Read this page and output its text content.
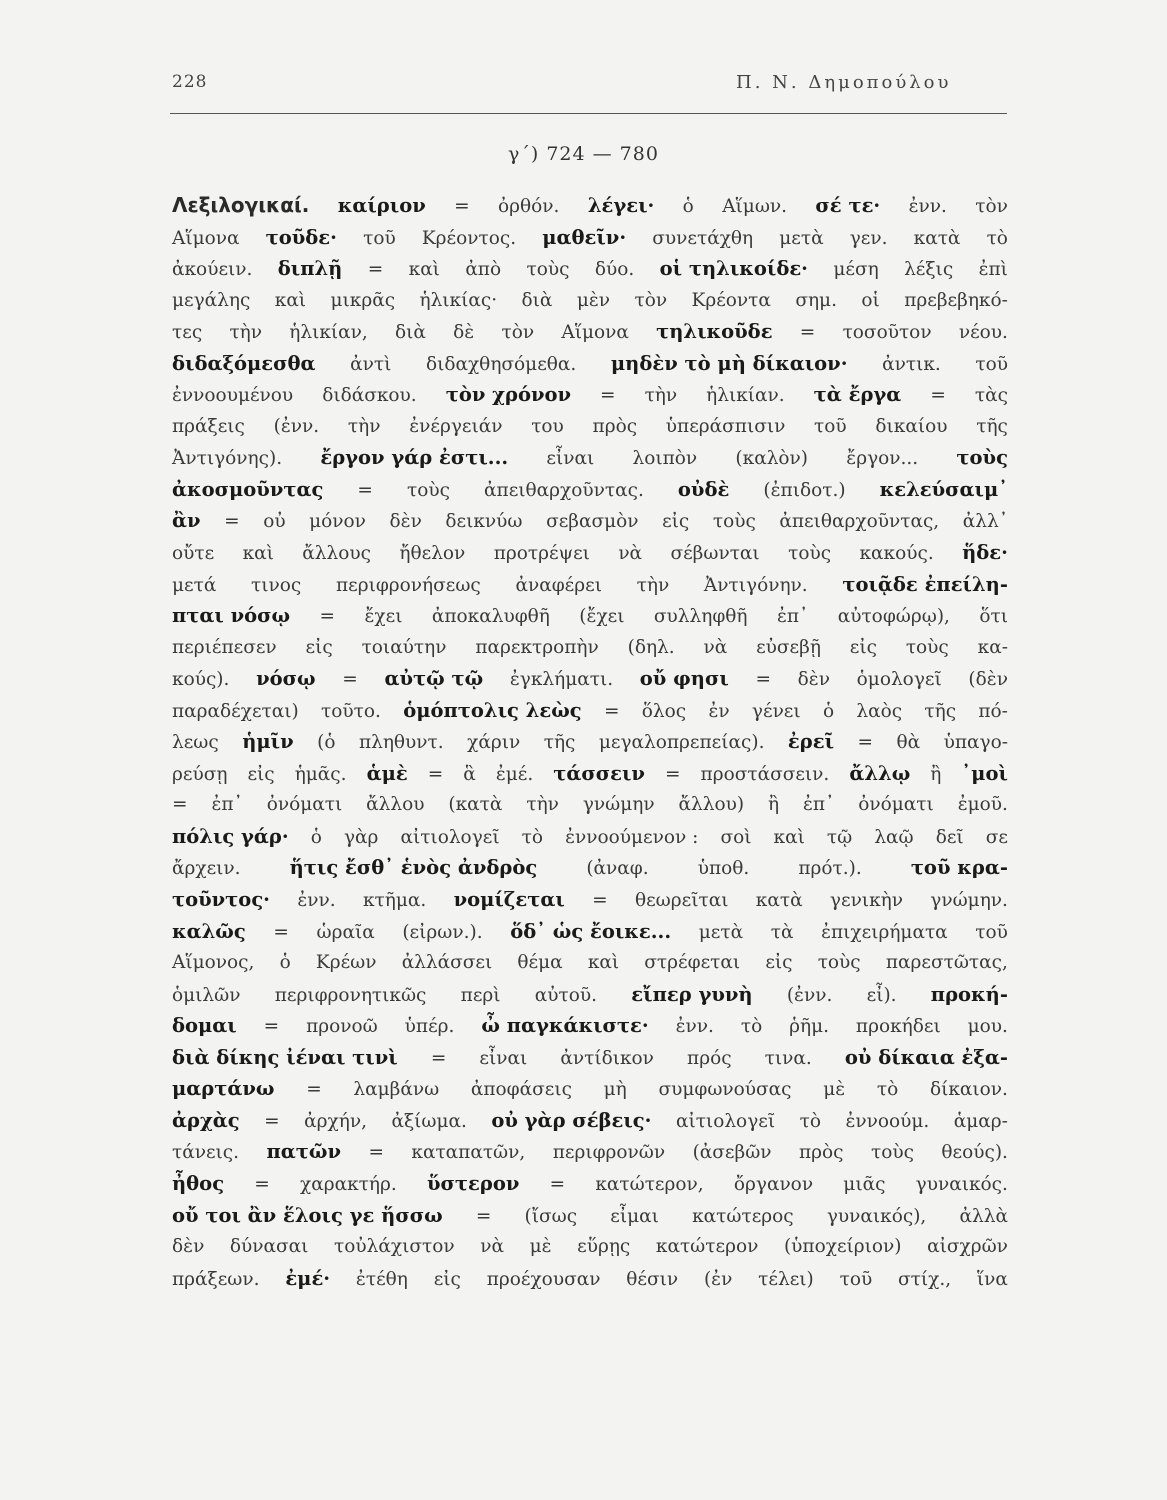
228	Π. Ν. Δημοπούλου
γ΄) 724 — 780
Λεξιλογικαί. καίριον = ὀρθόν. λέγει· ὁ Αἵμων. σέ τε· ἐνν. τὸν
Αἵμονα τοῦδε· τοῦ Κρέοντος. μαθεῖν· συνετάχθη μετὰ γεν. κατὰ τὸ
ἀκούειν. διπλῇ = καὶ ἀπὸ τοὺς δύο. οἱ τηλικοίδε· μέση λέξις ἐπὶ
μεγάλης καὶ μικρᾶς ἡλικίας· διὰ μὲν τὸν Κρέοντα σημ. οἱ πρεβεβηκό-
τες τὴν ἡλικίαν, διὰ δὲ τὸν Αἵμονα τηλικοῦδε = τοσοῦτον νέου.
διδαξόμεσθα ἀντὶ διδαχθησόμεθα. μηδὲν τὸ μὴ δίκαιον· ἀντικ. τοῦ
ἐννοουμένου διδάσκου. τὸν χρόνον = τὴν ἡλικίαν. τὰ ἔργα = τὰς
πράξεις (ἐνν. τὴν ἐνέργειάν του πρὸς ὑπεράσπισιν τοῦ δικαίου τῆς
Ἀντιγόνης). ἔργον γάρ ἐστι... εἶναι λοιπὸν (καλὸν) ἔργον... τοὺς
ἀκοσμοῦντας = τοὺς ἀπειθαρχοῦντας. οὐδὲ (ἐπιδοτ.) κελεύσαιμ᾽
ἂν = οὐ μόνον δὲν δεικνύω σεβασμὸν εἰς τοὺς ἀπειθαρχοῦντας, ἀλλ᾽
οὔτε καὶ ἄλλους ἤθελον προτρέψει νὰ σέβωνται τοὺς κακούς. ἥδε·
μετά τινος περιφρονήσεως ἀναφέρει τὴν Ἀντιγόνην. τοιᾷδε ἐπείλη-
πται νόσῳ = ἔχει ἀποκαλυφθῆ (ἔχει συλληφθῆ ἐπ᾽ αὐτοφώρῳ), ὅτι
περιέπεσεν εἰς τοιαύτην παρεκτροπὴν (δηλ. νὰ εὐσεβῇ εἰς τοὺς κα-
κούς). νόσῳ = αὐτῷ τῷ ἐγκλήματι. οὔ φησι = δὲν ὁμολογεῖ (δὲν
παραδέχεται) τοῦτο. ὁμόπτολις λεὼς = ὅλος ἐν γένει ὁ λαὸς τῆς πό-
λεως ἡμῖν (ὁ πληθυντ. χάριν τῆς μεγαλοπρεπείας). ἐρεῖ = θὰ ὑπαγο-
ρεύσῃ εἰς ἡμᾶς. ἁμὲ = ἃ ἐμέ. τάσσειν = προστάσσειν. ἄλλῳ ἢ ᾽μοὶ
= ἐπ᾽ ὀνόματι ἄλλου (κατὰ τὴν γνώμην ἄλλου) ἢ ἐπ᾽ ὀνόματι ἐμοῦ.
πόλις γάρ· ὁ γὰρ αἰτιολογεῖ τὸ ἐννοούμενον : σοὶ καὶ τῷ λαῷ δεῖ σε
ἄρχειν.	ἥτις ἔσθ᾽ ἑνὸς ἀνδρὸς	(ἀναφ.	ὑποθ.	πρότ.).	τοῦ κρα-
τοῦντος· ἐνν. κτῆμα. νομίζεται = θεωρεῖται κατὰ γενικὴν γνώμην.
καλῶς = ὡραῖα (εἰρων.). ὅδ᾽ ὡς ἔοικε... μετὰ τὰ ἐπιχειρήματα τοῦ
Αἵμονος, ὁ Κρέων ἀλλάσσει θέμα καὶ στρέφεται εἰς τοὺς παρεστῶτας,
ὁμιλῶν περιφρονητικῶς περὶ αὐτοῦ. εἴπερ γυνὴ (ἐνν. εἶ). προκή-
δομαι = προνοῶ ὑπέρ. ὦ παγκάκιστε· ἐνν. τὸ ῥῆμ. προκήδει μου.
διὰ δίκης ἰέναι τινὶ = εἶναι ἀντίδικον πρός τινα. οὐ δίκαια ἐξα-
μαρτάνω = λαμβάνω ἀποφάσεις μὴ συμφωνούσας μὲ τὸ δίκαιον.
ἀρχὰς = ἀρχήν, ἀξίωμα. οὐ γὰρ σέβεις· αἰτιολογεῖ τὸ ἐννοούμ. ἁμαρ-
τάνεις. πατῶν = καταπατῶν, περιφρονῶν (ἀσεβῶν πρὸς τοὺς θεούς).
ἦθος = χαρακτήρ. ὕστερον = κατώτερον, ὄργανον μιᾶς γυναικός.
οὔ τοι ἂν ἕλοις γε ἥσσω = (ἴσως εἶμαι κατώτερος γυναικός), ἀλλὰ
δὲν δύνασαι τοὐλάχιστον νὰ μὲ εὕρῃς κατώτερον (ὑποχείριον) αἰσχρῶν
πράξεων. ἐμέ· ἐτέθη εἰς προέχουσαν θέσιν (ἐν τέλει) τοῦ στίχ., ἵνα
